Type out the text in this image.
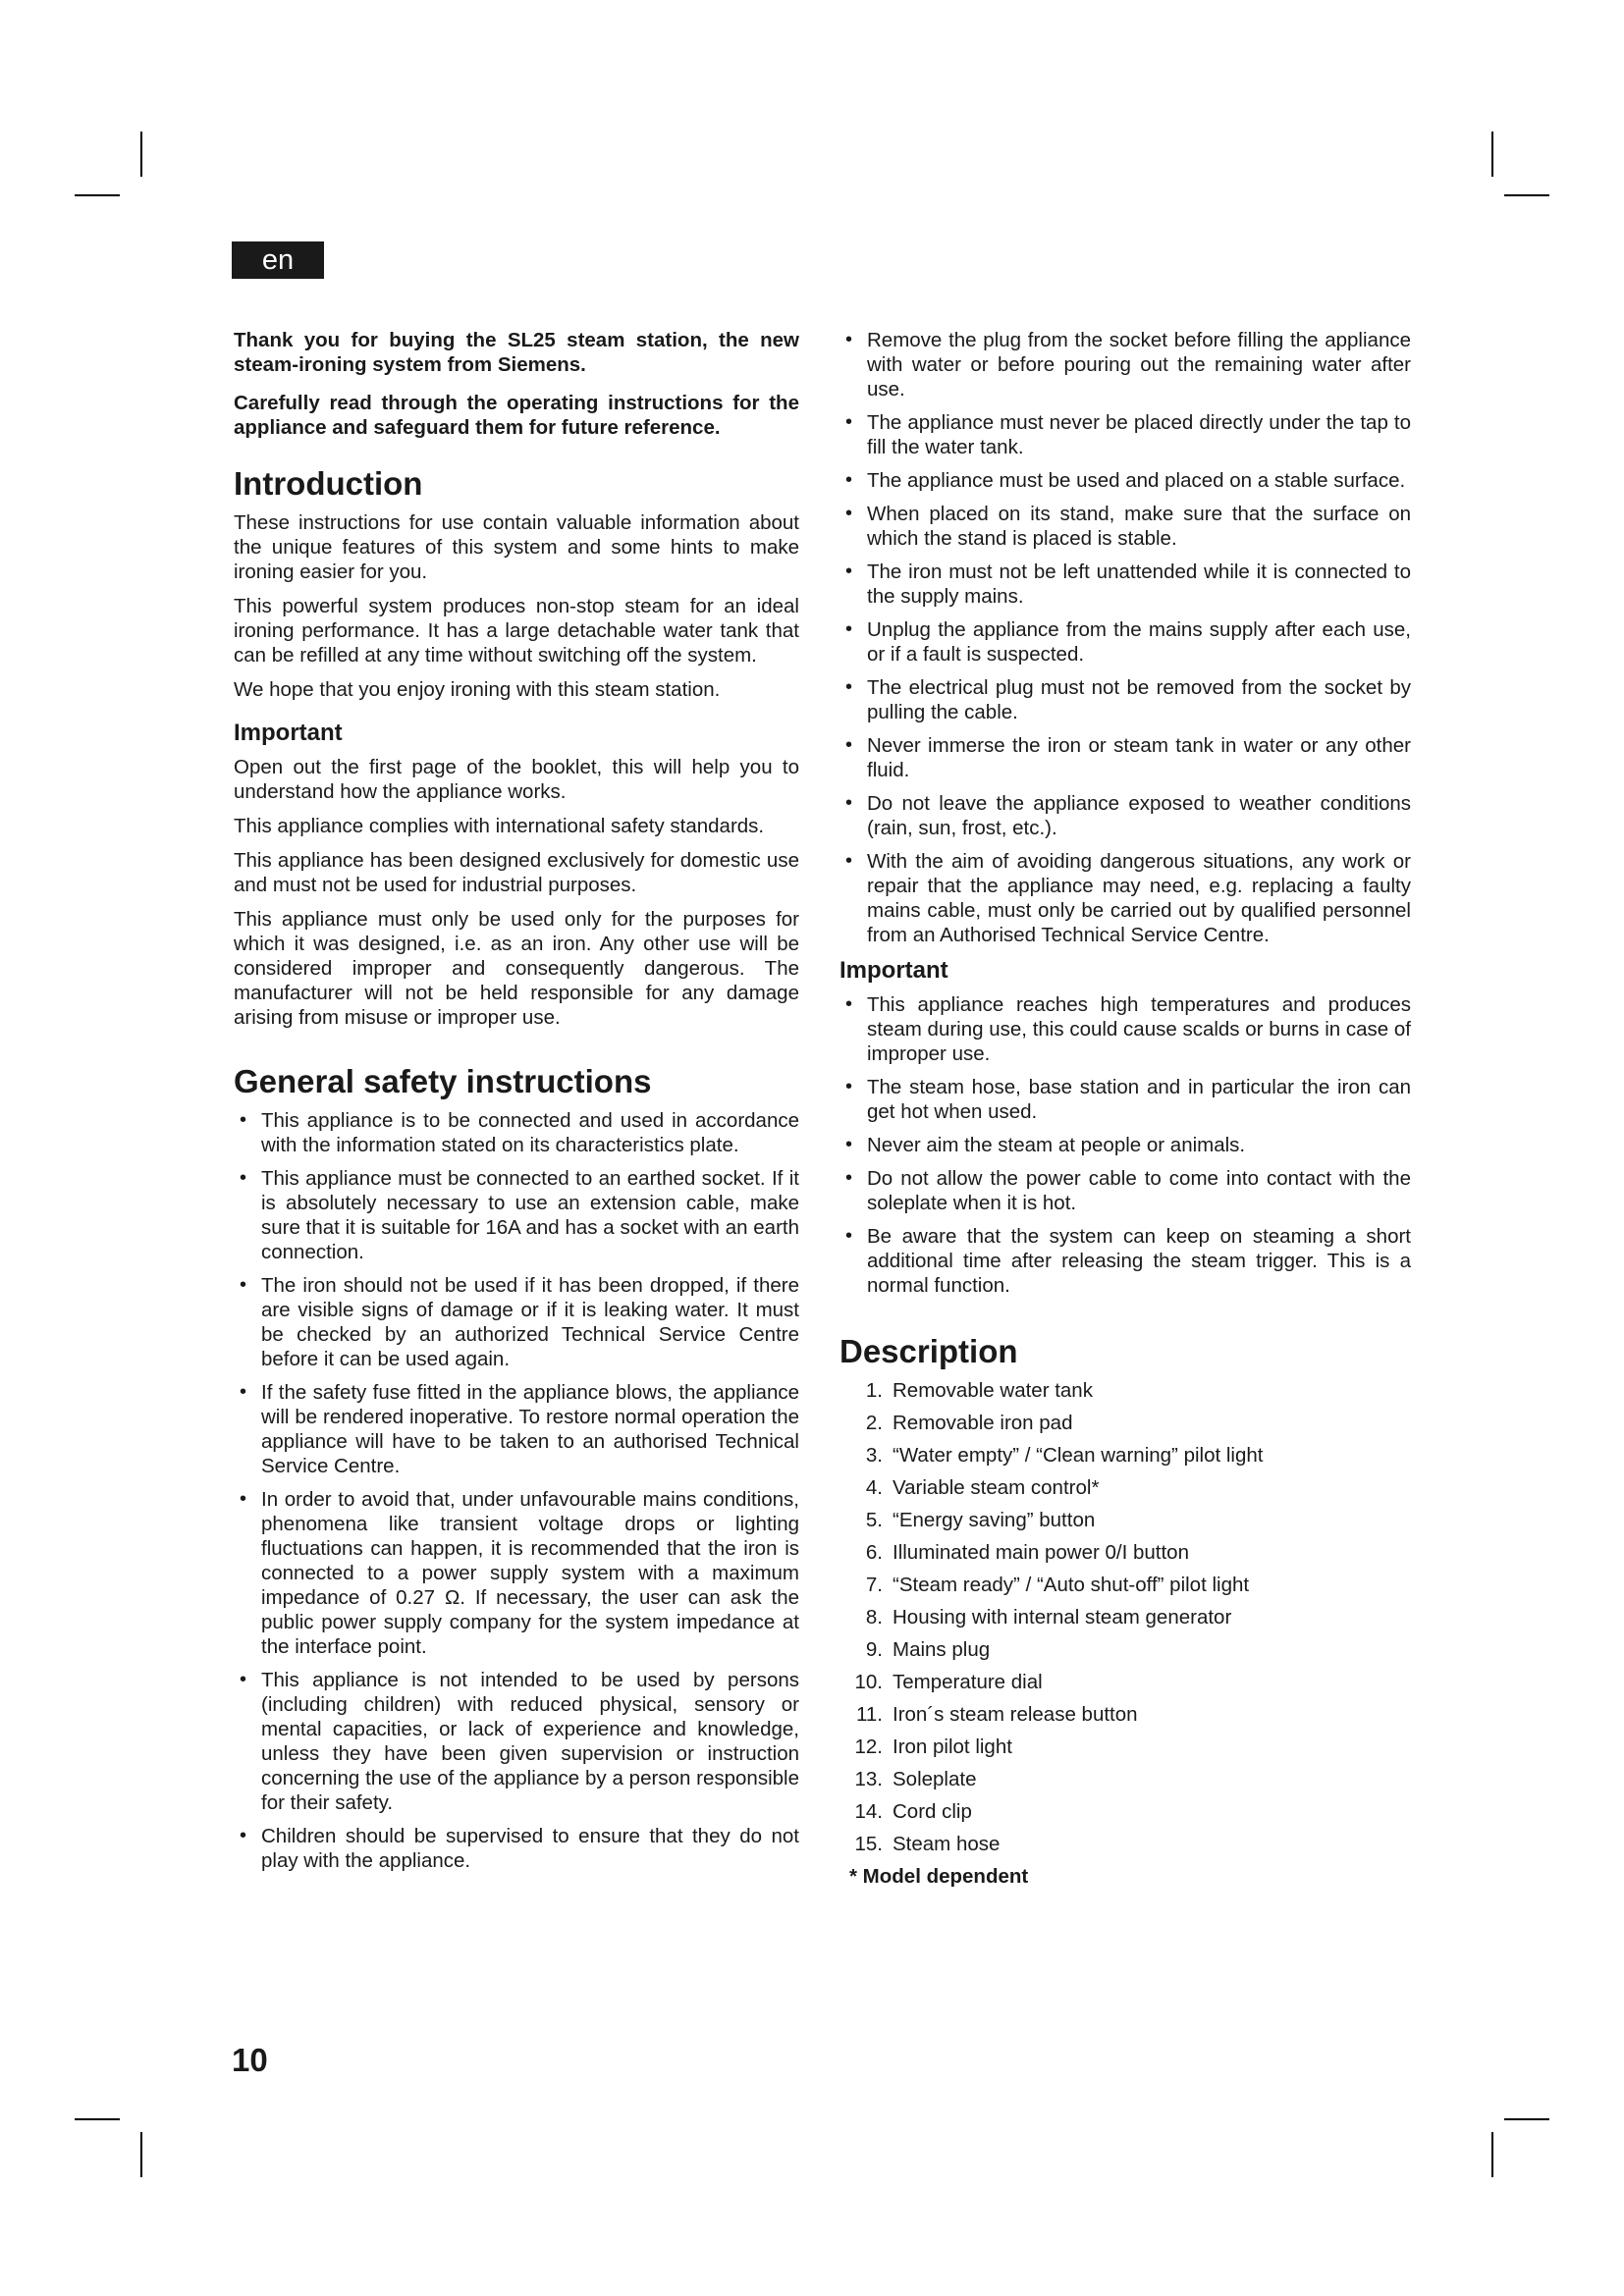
en

Thank you for buying the SL25 steam station, the new steam-ironing system from Siemens.

Carefully read through the operating instructions for the appliance and safeguard them for future reference.

Introduction

These instructions for use contain valuable information about the unique features of this system and some hints to make ironing easier for you.

This powerful system produces non-stop steam for an ideal ironing performance. It has a large detachable water tank that can be refilled at any time without switching off the system.

We hope that you enjoy ironing with this steam station.

Important

Open out the first page of the booklet, this will help you to understand how the appliance works.

This appliance complies with international safety standards.

This appliance has been designed exclusively for domestic use and must not be used for industrial purposes.

This appliance must only be used only for the purposes for which it was designed, i.e. as an iron. Any other use will be considered improper and consequently dangerous. The manufacturer will not be held responsible for any damage arising from misuse or improper use.

General safety instructions
• This appliance is to be connected and used in accordance with the information stated on its characteristics plate.
• This appliance must be connected to an earthed socket. If it is absolutely necessary to use an extension cable, make sure that it is suitable for 16A and has a socket with an earth connection.
• The iron should not be used if it has been dropped, if there are visible signs of damage or if it is leaking water. It must be checked by an authorized Technical Service Centre before it can be used again.
• If the safety fuse fitted in the appliance blows, the appliance will be rendered inoperative. To restore normal operation the appliance will have to be taken to an authorised Technical Service Centre.
• In order to avoid that, under unfavourable mains conditions, phenomena like transient voltage drops or lighting fluctuations can happen, it is recommended that the iron is connected to a power supply system with a maximum impedance of 0.27 Ω. If necessary, the user can ask the public power supply company for the system impedance at the interface point.
• This appliance is not intended to be used by persons (including children) with reduced physical, sensory or mental capacities, or lack of experience and knowledge, unless they have been given supervision or instruction concerning the use of the appliance by a person responsible for their safety.
• Children should be supervised to ensure that they do not play with the appliance.
• Remove the plug from the socket before filling the appliance with water or before pouring out the remaining water after use.
• The appliance must never be placed directly under the tap to fill the water tank.
• The appliance must be used and placed on a stable surface.
• When placed on its stand, make sure that the surface on which the stand is placed is stable.
• The iron must not be left unattended while it is connected to the supply mains.
• Unplug the appliance from the mains supply after each use, or if a fault is suspected.
• The electrical plug must not be removed from the socket by pulling the cable.
• Never immerse the iron or steam tank in water or any other fluid.
• Do not leave the appliance exposed to weather conditions (rain, sun, frost, etc.).
• With the aim of avoiding dangerous situations, any work or repair that the appliance may need, e.g. replacing a faulty mains cable, must only be carried out by qualified personnel from an Authorised Technical Service Centre.
Important
• This appliance reaches high temperatures and produces steam during use, this could cause scalds or burns in case of improper use.
• The steam hose, base station and in particular the iron can get hot when used.
• Never aim the steam at people or animals.
• Do not allow the power cable to come into contact with the soleplate when it is hot.
• Be aware that the system can keep on steaming a short additional time after releasing the steam trigger. This is a normal function.
Description
1. Removable water tank
2. Removable iron pad
3. “Water empty” / “Clean warning” pilot light
4. Variable steam control*
5. “Energy saving” button
6. Illuminated main power 0/I button
7. “Steam ready” / “Auto shut-off” pilot light
8. Housing with internal steam generator
9. Mains plug
10. Temperature dial
11. Iron´s steam release button
12. Iron pilot light
13. Soleplate
14. Cord clip
15. Steam hose
* Model dependent
10
